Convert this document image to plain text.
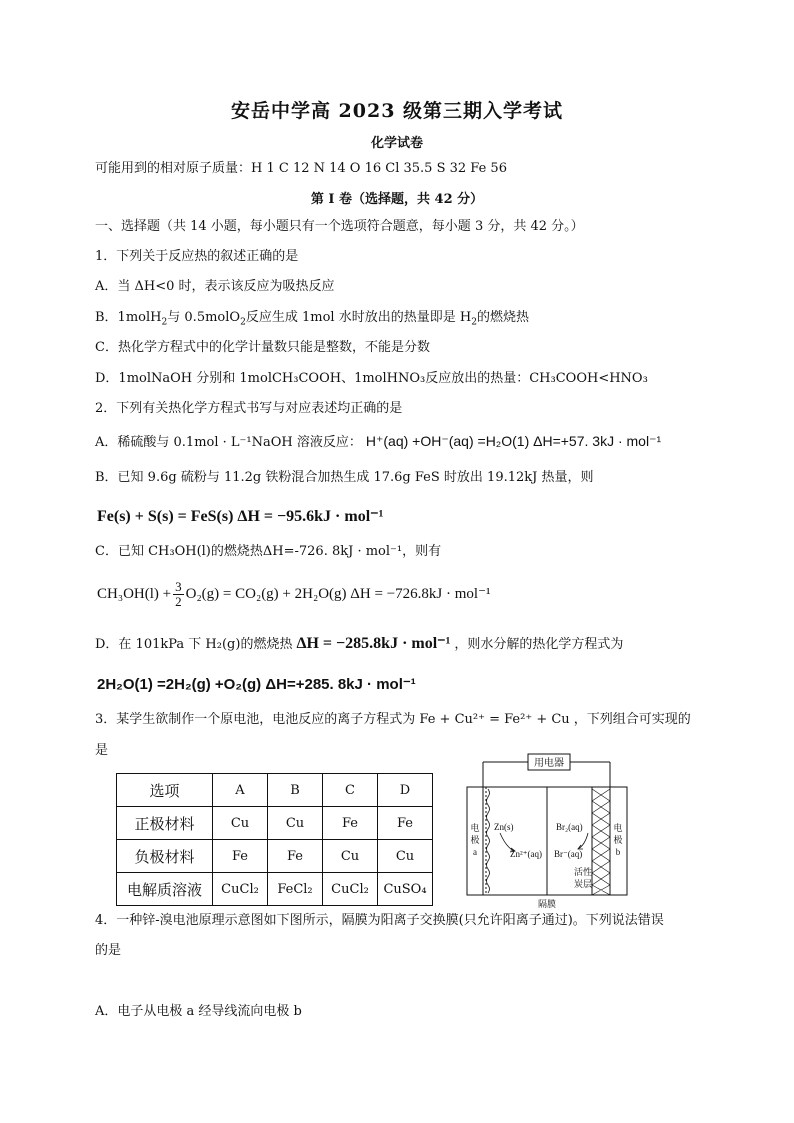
安岳中学高 2023 级第三期入学考试
化学试卷
可能用到的相对原子质量：H 1 C 12 N 14 O 16 Cl 35.5 S 32 Fe 56
第 I 卷（选择题，共 42 分）
一、选择题（共 14 小题，每小题只有一个选项符合题意，每小题 3 分，共 42 分。）
1．下列关于反应热的叙述正确的是
A．当 ΔH<0 时，表示该反应为吸热反应
B．1molH$_2$与 0.5molO$_2$反应生成 1mol 水时放出的热量即是 $H_2$的燃烧热
C．热化学方程式中的化学计量数只能是整数，不能是分数
D．1molNaOH 分别和 1molCH₃COOH、1molHNO₃反应放出的热量：CH₃COOH<HNO₃
2．下列有关热化学方程式书写与对应表述均正确的是
A．稀硫酸与 0.1mol · L⁻¹NaOH 溶液反应： H⁺(aq) +OH⁻(aq) =H₂O(1) ΔH=+57. 3kJ · mol⁻¹
B．已知 9.6g 硫粉与 11.2g 铁粉混合加热生成 17.6g FeS 时放出 19.12kJ 热量，则
Fe(s) + S(s) = FeS(s) ΔH = −95.6kJ · mol⁻¹
C．已知 CH₃OH(l)的燃烧热ΔH=-726. 8kJ · mol⁻¹，则有
$CH_3OH(l) + \frac{3}{2} O_2(g) = CO_2(g) + 2H_2O(g) \Delta H = -726.8kJ \cdot mol^{-1}$
D．在 101kPa 下 H₂(g)的燃烧热 ΔH = −285.8kJ · mol⁻¹ ，则水分解的热化学方程式为
2H₂O(1) =2H₂(g) +O₂(g) ΔH=+285. 8kJ · mol⁻¹
3．某学生欲制作一个原电池，电池反应的离子方程式为 Fe + Cu²⁺ = Fe²⁺ + Cu ，下列组合可实现的
是
选项	A	B	C	D
正极材料	Cu	Cu	Fe	Fe
负极材料	Fe	Fe	Cu	Cu
电解质溶液	CuCl₂	FeCl₂	CuCl₂	CuSO₄
用电器
电
极
a
电
极
b
Zn(s)
Zn²⁺(aq)
Br₂(aq)
Br⁻(aq)
活性
炭层
隔膜
4．一种锌-溴电池原理示意图如下图所示，隔膜为阳离子交换膜(只允许阳离子通过)。下列说法错误
的是
A．电子从电极 a 经导线流向电极 b
